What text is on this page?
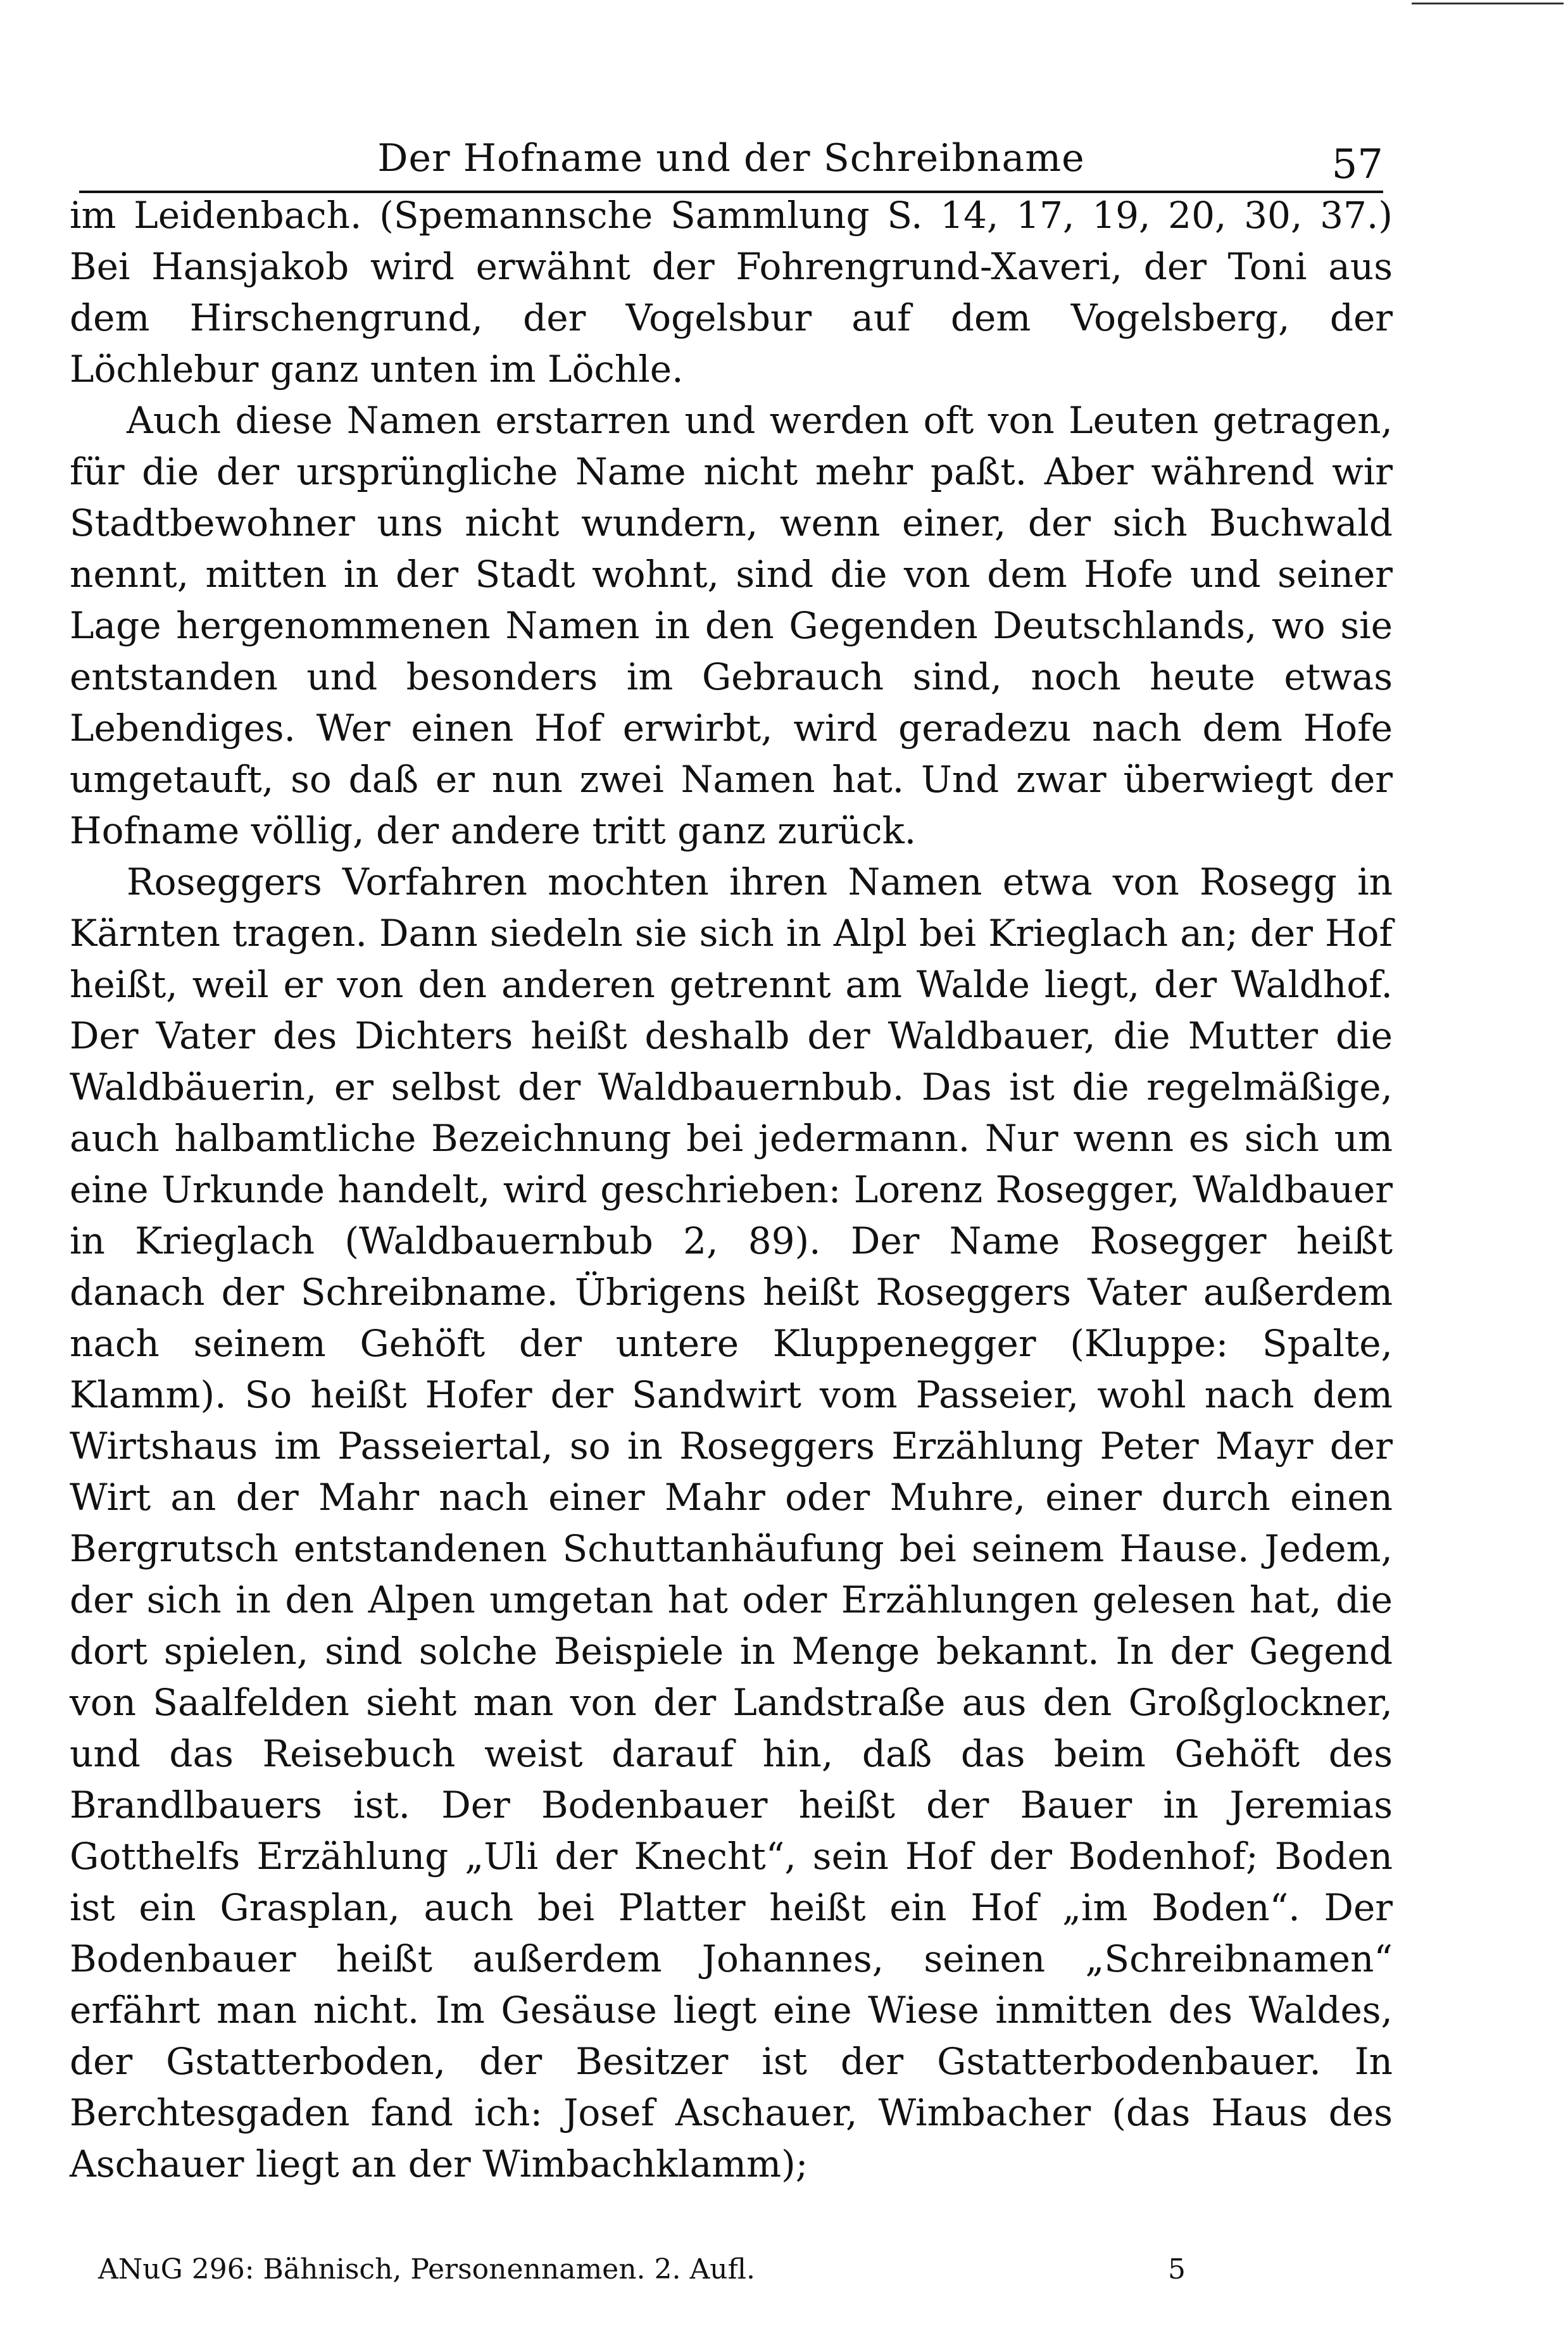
Der Hofname und der Schreibname	57

im Leidenbach. (Spemannsche Sammlung S. 14, 17, 19, 20, 30, 37.) Bei Hansjakob wird erwähnt der Fohrengrund-Xaveri, der Toni aus dem Hirschengrund, der Vogelsbur auf dem Vogelsberg, der Löchlebur ganz unten im Löchle.

Auch diese Namen erstarren und werden oft von Leuten getragen, für die der ursprüngliche Name nicht mehr paßt. Aber während wir Stadtbewohner uns nicht wundern, wenn einer, der sich Buchwald nennt, mitten in der Stadt wohnt, sind die von dem Hofe und seiner Lage hergenommenen Namen in den Gegenden Deutschlands, wo sie entstanden und besonders im Gebrauch sind, noch heute etwas Lebendiges. Wer einen Hof erwirbt, wird geradezu nach dem Hofe umgetauft, so daß er nun zwei Namen hat. Und zwar überwiegt der Hofname völlig, der andere tritt ganz zurück.

Roseggers Vorfahren mochten ihren Namen etwa von Rosegg in Kärnten tragen. Dann siedeln sie sich in Alpl bei Krieglach an; der Hof heißt, weil er von den anderen getrennt am Walde liegt, der Waldhof. Der Vater des Dichters heißt deshalb der Waldbauer, die Mutter die Waldbäuerin, er selbst der Waldbauernbub. Das ist die regelmäßige, auch halbamtliche Bezeichnung bei jedermann. Nur wenn es sich um eine Urkunde handelt, wird geschrieben: Lorenz Rosegger, Waldbauer in Krieglach (Waldbauernbub 2, 89). Der Name Rosegger heißt danach der Schreibname. Übrigens heißt Roseggers Vater außerdem nach seinem Gehöft der untere Kluppenegger (Kluppe: Spalte, Klamm). So heißt Hofer der Sandwirt vom Passeier, wohl nach dem Wirtshaus im Passeiertal, so in Roseggers Erzählung Peter Mayr der Wirt an der Mahr nach einer Mahr oder Muhre, einer durch einen Bergrutsch entstandenen Schuttanhäufung bei seinem Hause. Jedem, der sich in den Alpen umgetan hat oder Erzählungen gelesen hat, die dort spielen, sind solche Beispiele in Menge bekannt. In der Gegend von Saalfelden sieht man von der Landstraße aus den Großglockner, und das Reisebuch weist darauf hin, daß das beim Gehöft des Brandlbauers ist. Der Bodenbauer heißt der Bauer in Jeremias Gotthelfs Erzählung „Uli der Knecht“, sein Hof der Bodenhof; Boden ist ein Grasplan, auch bei Platter heißt ein Hof „im Boden“. Der Bodenbauer heißt außerdem Johannes, seinen „Schreibnamen“ erfährt man nicht. Im Gesäuse liegt eine Wiese inmitten des Waldes, der Gstatterboden, der Besitzer ist der Gstatterbodenbauer. In Berchtesgaden fand ich: Josef Aschauer, Wimbacher (das Haus des Aschauer liegt an der Wimbachklamm);

ANuG 296: Bähnisch, Personennamen. 2. Aufl.	5
